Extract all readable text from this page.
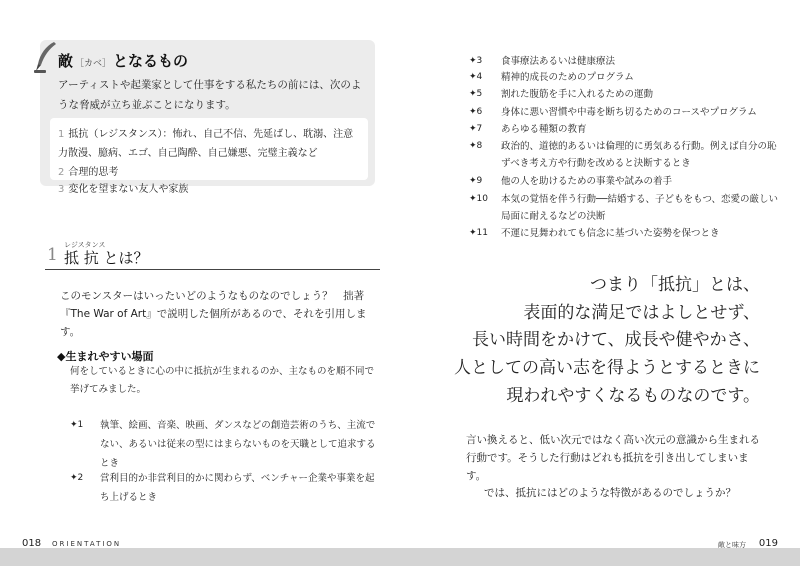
敵 ［カベ］ となるもの
アーティストや起業家として仕事をする私たちの前には、次のような脅威が立ち並ぶことになります。
1 抵抗（レジスタンス）：怖れ、自己不信、先延ばし、耽溺、注意力散漫、臆病、エゴ、自己陶酔、自己嫌悪、完璧主義など
2 合理的思考
3 変化を望まない友人や家族
1 レジスタンス
抵 抗 とは？
このモンスターはいったいどのようなものなのでしょう？　拙著『The War of Art』で説明した個所があるので、それを引用します。
◆生まれやすい場面
何をしているときに心の中に抵抗が生まれるのか、主なものを順不同で挙げてみました。
✦1 執筆、絵画、音楽、映画、ダンスなどの創造芸術のうち、主流でない、あるいは従来の型にはまらないものを天職として追求するとき
✦2 営利目的か非営利目的かに関わらず、ベンチャー企業や事業を起ち上げるとき
018 ORIENTATION
✦3 食事療法あるいは健康療法
✦4 精神的成長のためのプログラム
✦5 割れた腹筋を手に入れるための運動
✦6 身体に悪い習慣や中毒を断ち切るためのコースやプログラム
✦7 あらゆる種類の教育
✦8 政治的、道徳的あるいは倫理的に勇気ある行動。例えば自分の恥ずべき考え方や行動を改めると決断するとき
✦9 他の人を助けるための事業や試みの着手
✦10 本気の覚悟を伴う行動──結婚する、子どもをもつ、恋愛の厳しい局面に耐えるなどの決断
✦11 不運に見舞われても信念に基づいた姿勢を保つとき
つまり「抵抗」とは、
表面的な満足ではよしとせず、
長い時間をかけて、成長や健やかさ、
人としての高い志を得ようとするときに
現われやすくなるものなのです。
言い換えると、低い次元ではなく高い次元の意識から生まれる行動です。そうした行動はどれも抵抗を引き出してしまいます。
では、抵抗にはどのような特徴があるのでしょうか？
敵と味方 019
